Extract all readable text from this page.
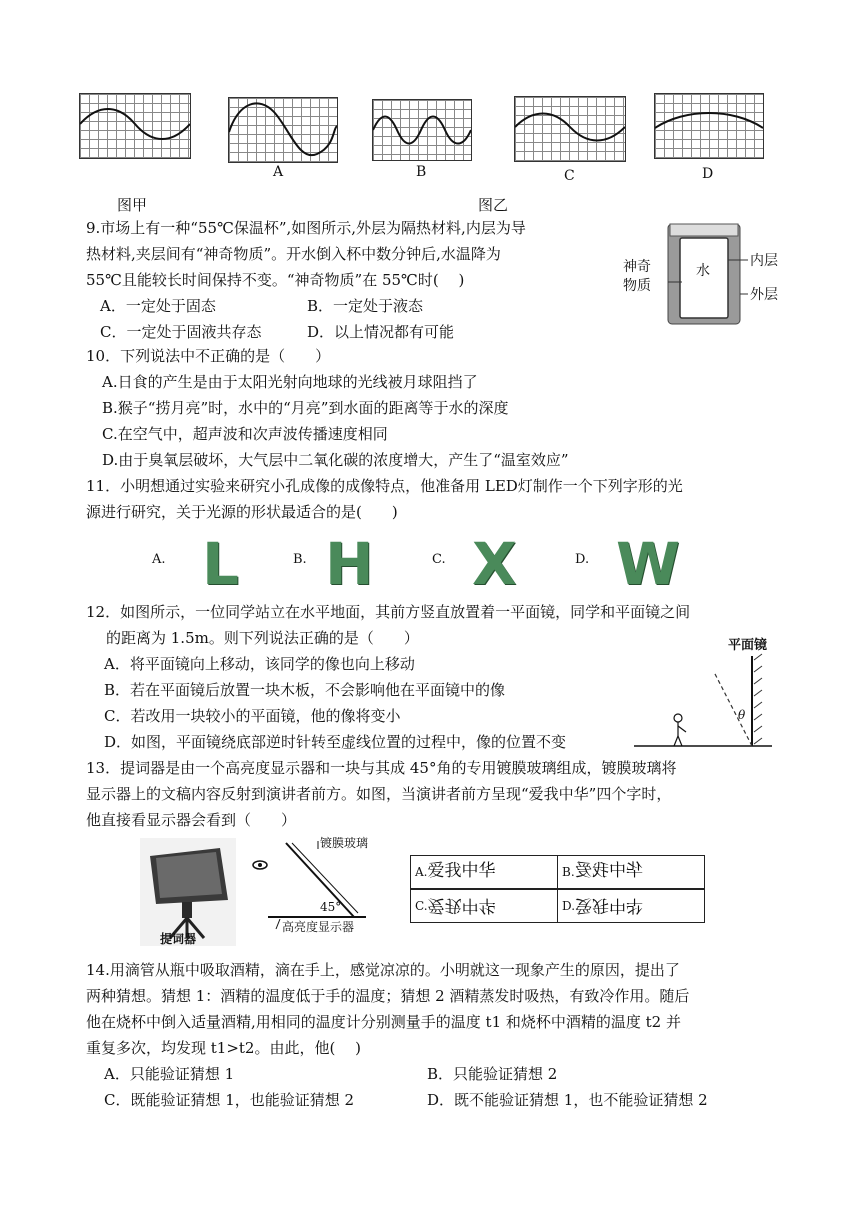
A	B	C	D
图甲	图乙
9.市场上有一种“55℃保温杯”,如图所示,外层为隔热材料,内层为导
热材料,夹层间有“神奇物质”。开水倒入杯中数分钟后,水温降为
55℃且能较长时间保持不变。“神奇物质”在 55℃时(　 )
A．一定处于固态	B．一定处于液态
C．一定处于固液共存态	D．以上情况都有可能
神奇
物质
水
内层
外层
10．下列说法中不正确的是（　　）
A.日食的产生是由于太阳光射向地球的光线被月球阻挡了
B.猴子“捞月亮”时，水中的“月亮”到水面的距离等于水的深度
C.在空气中，超声波和次声波传播速度相同
D.由于臭氧层破坏，大气层中二氧化碳的浓度增大，产生了“温室效应”
11．小明想通过实验来研究小孔成像的成像特点，他准备用 LED灯制作一个下列字形的光
源进行研究，关于光源的形状最适合的是(　　)
A. L	B. H	C. X	D. W
12．如图所示，一位同学站立在水平地面，其前方竖直放置着一平面镜，同学和平面镜之间
的距离为 1.5m。则下列说法正确的是（　　）
A．将平面镜向上移动，该同学的像也向上移动
B．若在平面镜后放置一块木板，不会影响他在平面镜中的像
C．若改用一块较小的平面镜，他的像将变小
D．如图，平面镜绕底部逆时针转至虚线位置的过程中，像的位置不变
平面镜
θ
13．提词器是由一个高亮度显示器和一块与其成 45°角的专用镀膜玻璃组成，镀膜玻璃将
显示器上的文稿内容反射到演讲者前方。如图，当演讲者前方呈现“爱我中华”四个字时，
他直接看显示器会看到（　　）
提词器
镀膜玻璃
45°
高亮度显示器
A.爱我中华	B.华中我爱
C.爱我中华	D.华中我爱
14.用滴管从瓶中吸取酒精，滴在手上，感觉凉凉的。小明就这一现象产生的原因，提出了
两种猜想。猜想 1：酒精的温度低于手的温度；猜想 2 酒精蒸发时吸热，有致冷作用。随后
他在烧杯中倒入适量酒精,用相同的温度计分别测量手的温度 t1 和烧杯中酒精的温度 t2 并
重复多次，均发现 t1>t2。由此，他(　 )
A．只能验证猜想 1	B．只能验证猜想 2
C．既能验证猜想 1，也能验证猜想 2	D．既不能验证猜想 1，也不能验证猜想 2
